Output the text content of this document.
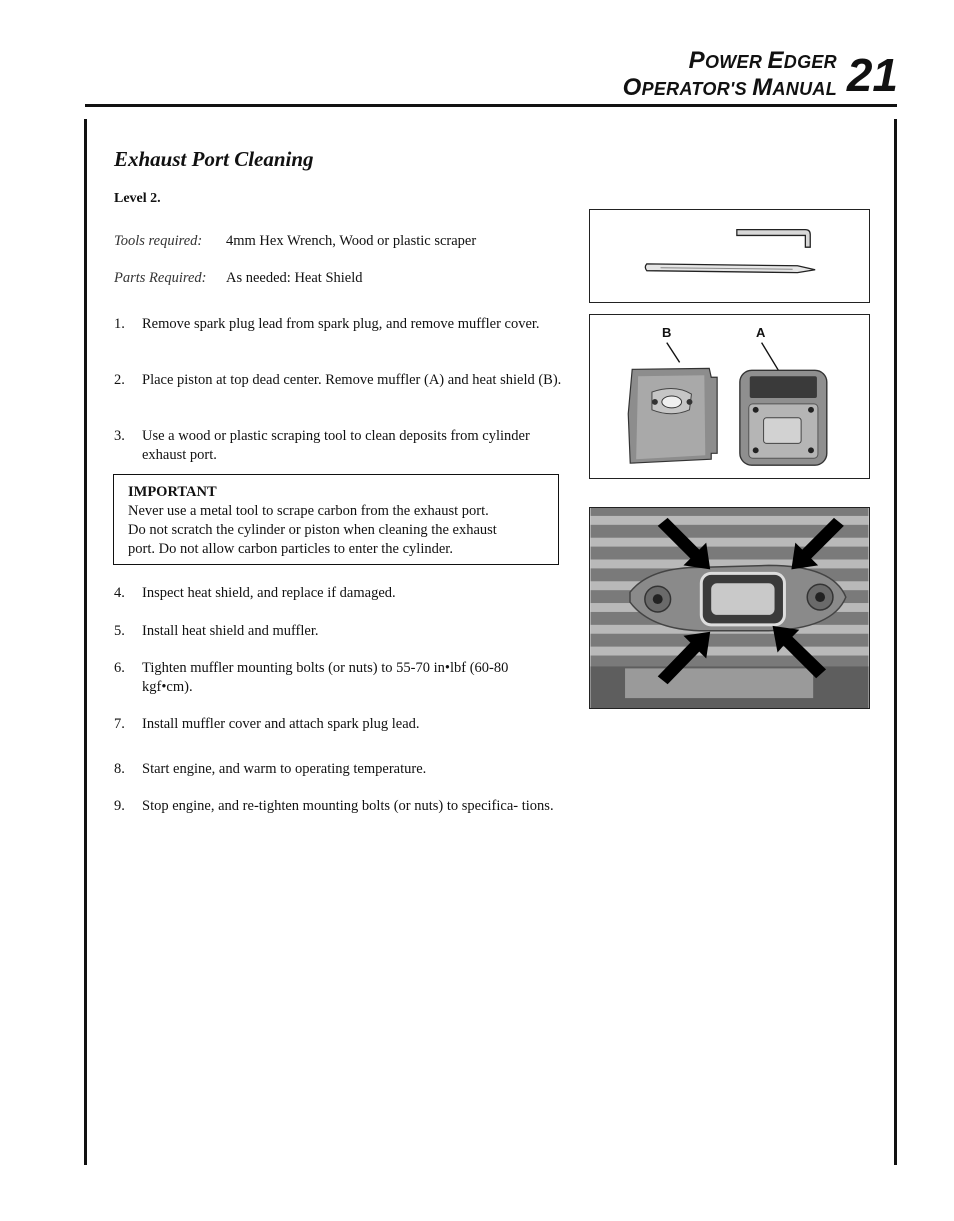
POWER EDGER
OPERATOR'S MANUAL 21
Exhaust Port Cleaning
Level 2.
Tools required: 4mm Hex Wrench, Wood or plastic scraper
Parts Required: As needed: Heat Shield
1. Remove spark plug lead from spark plug, and remove muffler cover.
2. Place piston at top dead center. Remove muffler (A) and heat shield (B).
3. Use a wood or plastic scraping tool to clean deposits from cylinder exhaust port.
IMPORTANT
Never use a metal tool to scrape carbon from the exhaust port.
Do not scratch the cylinder or piston when cleaning the exhaust
port. Do not allow carbon particles to enter the cylinder.
4. Inspect heat shield, and replace if damaged.
5. Install heat shield and muffler.
6. Tighten muffler mounting bolts (or nuts) to 55-70 in•lbf (60-80 kgf•cm).
7. Install muffler cover and attach spark plug lead.
8. Start engine, and warm to operating temperature.
9. Stop engine, and re-tighten mounting bolts (or nuts) to specifica- tions.
B	A
